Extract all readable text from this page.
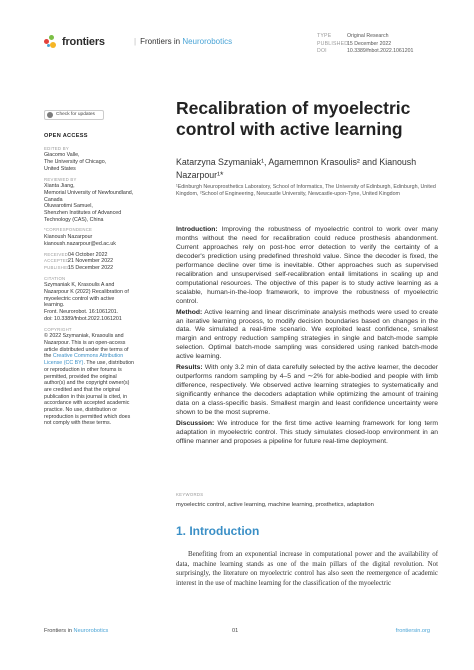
frontiers	| Frontiers in Neurorobotics
TYPE	Original Research
PUBLISHED15 December 2022
DOI	10.3389/fnbot.2022.1061201
Check for updates
OPEN ACCESS
EDITED BY
Giacomo Valle,
The University of Chicago,
United States
REVIEWED BY
Xianta Jiang,
Memorial University of Newfoundland,
Canada
Oluwarotimi Samuel,
Shenzhen Institutes of Advanced
Technology (CAS), China
*CORRESPONDENCE
Kianoush Nazarpour
kianoush.nazarpour@ed.ac.uk
RECEIVED04 October 2022
ACCEPTED21 November 2022
PUBLISHED15 December 2022
CITATION
Szymaniak K, Krasoulis A and
Nazarpour K (2022) Recalibration of
myoelectric control with active
learning.
Front. Neurorobot. 16:1061201.
doi: 10.3389/fnbot.2022.1061201
COPYRIGHT
© 2022 Szymaniak, Krasoulis and
Nazarpour. This is an open-access
article distributed under the terms of
the Creative Commons Attribution
License (CC BY). The use, distribution
or reproduction in other forums is
permitted, provided the original
author(s) and the copyright owner(s)
are credited and that the original
publication in this journal is cited, in
accordance with accepted academic
practice. No use, distribution or
reproduction is permitted which does
not comply with these terms.
Recalibration of myoelectric control with active learning
Katarzyna Szymaniak¹, Agamemnon Krasoulis² and Kianoush Nazarpour¹*
¹Edinburgh Neuroprosthetics Laboratory, School of Informatics, The University of Edinburgh, Edinburgh, United Kingdom, ²School of Engineering, Newcastle University, Newcastle-upon-Tyne, United Kingdom

Introduction: Improving the robustness of myoelectric control to work over many months without the need for recalibration could reduce prosthesis abandonment. Current approaches rely on post-hoc error detection to verify the certainty of a decoder's prediction using predefined threshold value. Since the decoder is fixed, the performance decline over time is inevitable. Other approaches such as supervised recalibration and unsupervised self-recalibration entail limitations in scaling up and computational resources. The objective of this paper is to study active learning as a scalable, human-in-the-loop framework, to improve the robustness of myoelectric control.

Method: Active learning and linear discriminate analysis methods were used to create an iterative learning process, to modify decision boundaries based on changes in the data. We simulated a real-time scenario. We exploited least confidence, smallest margin and entropy reduction sampling strategies in single and batch-mode sample selection. Optimal batch-mode sampling was considered using ranked batch-mode active learning.

Results: With only 3.2 min of data carefully selected by the active learner, the decoder outperforms random sampling by 4–5 and ∼2% for able-bodied and people with limb difference, respectively. We observed active learning strategies to systematically and significantly enhance the decoders adaptation while optimizing the amount of training data on a class-specific basis. Smallest margin and least confidence uncertainty were shown to be the most supreme.

Discussion: We introduce for the first time active learning framework for long term adaptation in myoelectric control. This study simulates closed-loop environment in an offline manner and proposes a pipeline for future real-time deployment.

KEYWORDS
myoelectric control, active learning, machine learning, prosthetics, adaptation
1. Introduction

Benefiting from an exponential increase in computational power and the availability of data, machine learning stands as one of the main pillars of the digital revolution. Not surprisingly, the literature on myoelectric control has also seen the reemergence of academic interest in the use of machine learning for the classification of the myoelectric

Frontiers in Neurorobotics	01	frontiersin.org
